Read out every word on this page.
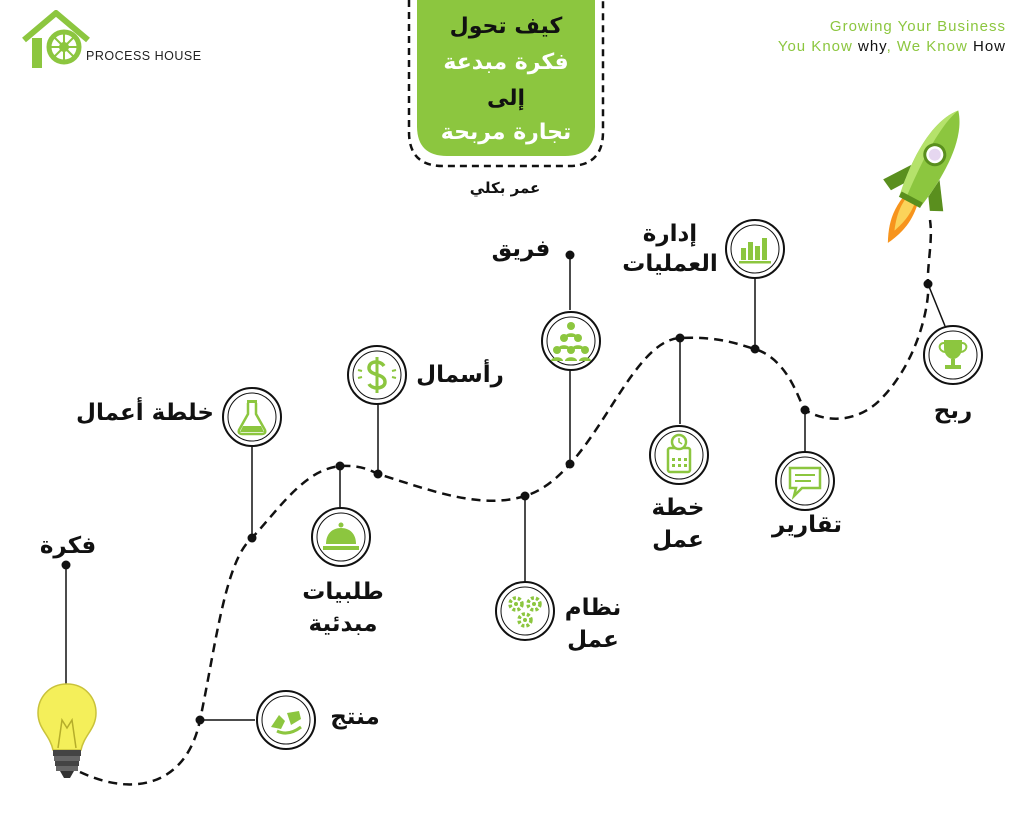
PROCESS HOUSE
Growing Your Business
You Know why, We Know How
كيف تحول
فكرة مبدعة
إلى
تجارة مربحة
عمر بكلي
فكرة
منتج
خلطة أعمال
طلبيات مبدئية
رأسمال
نظام عمل
فريق
خطة عمل
إدارة العمليات
تقارير
ربح
